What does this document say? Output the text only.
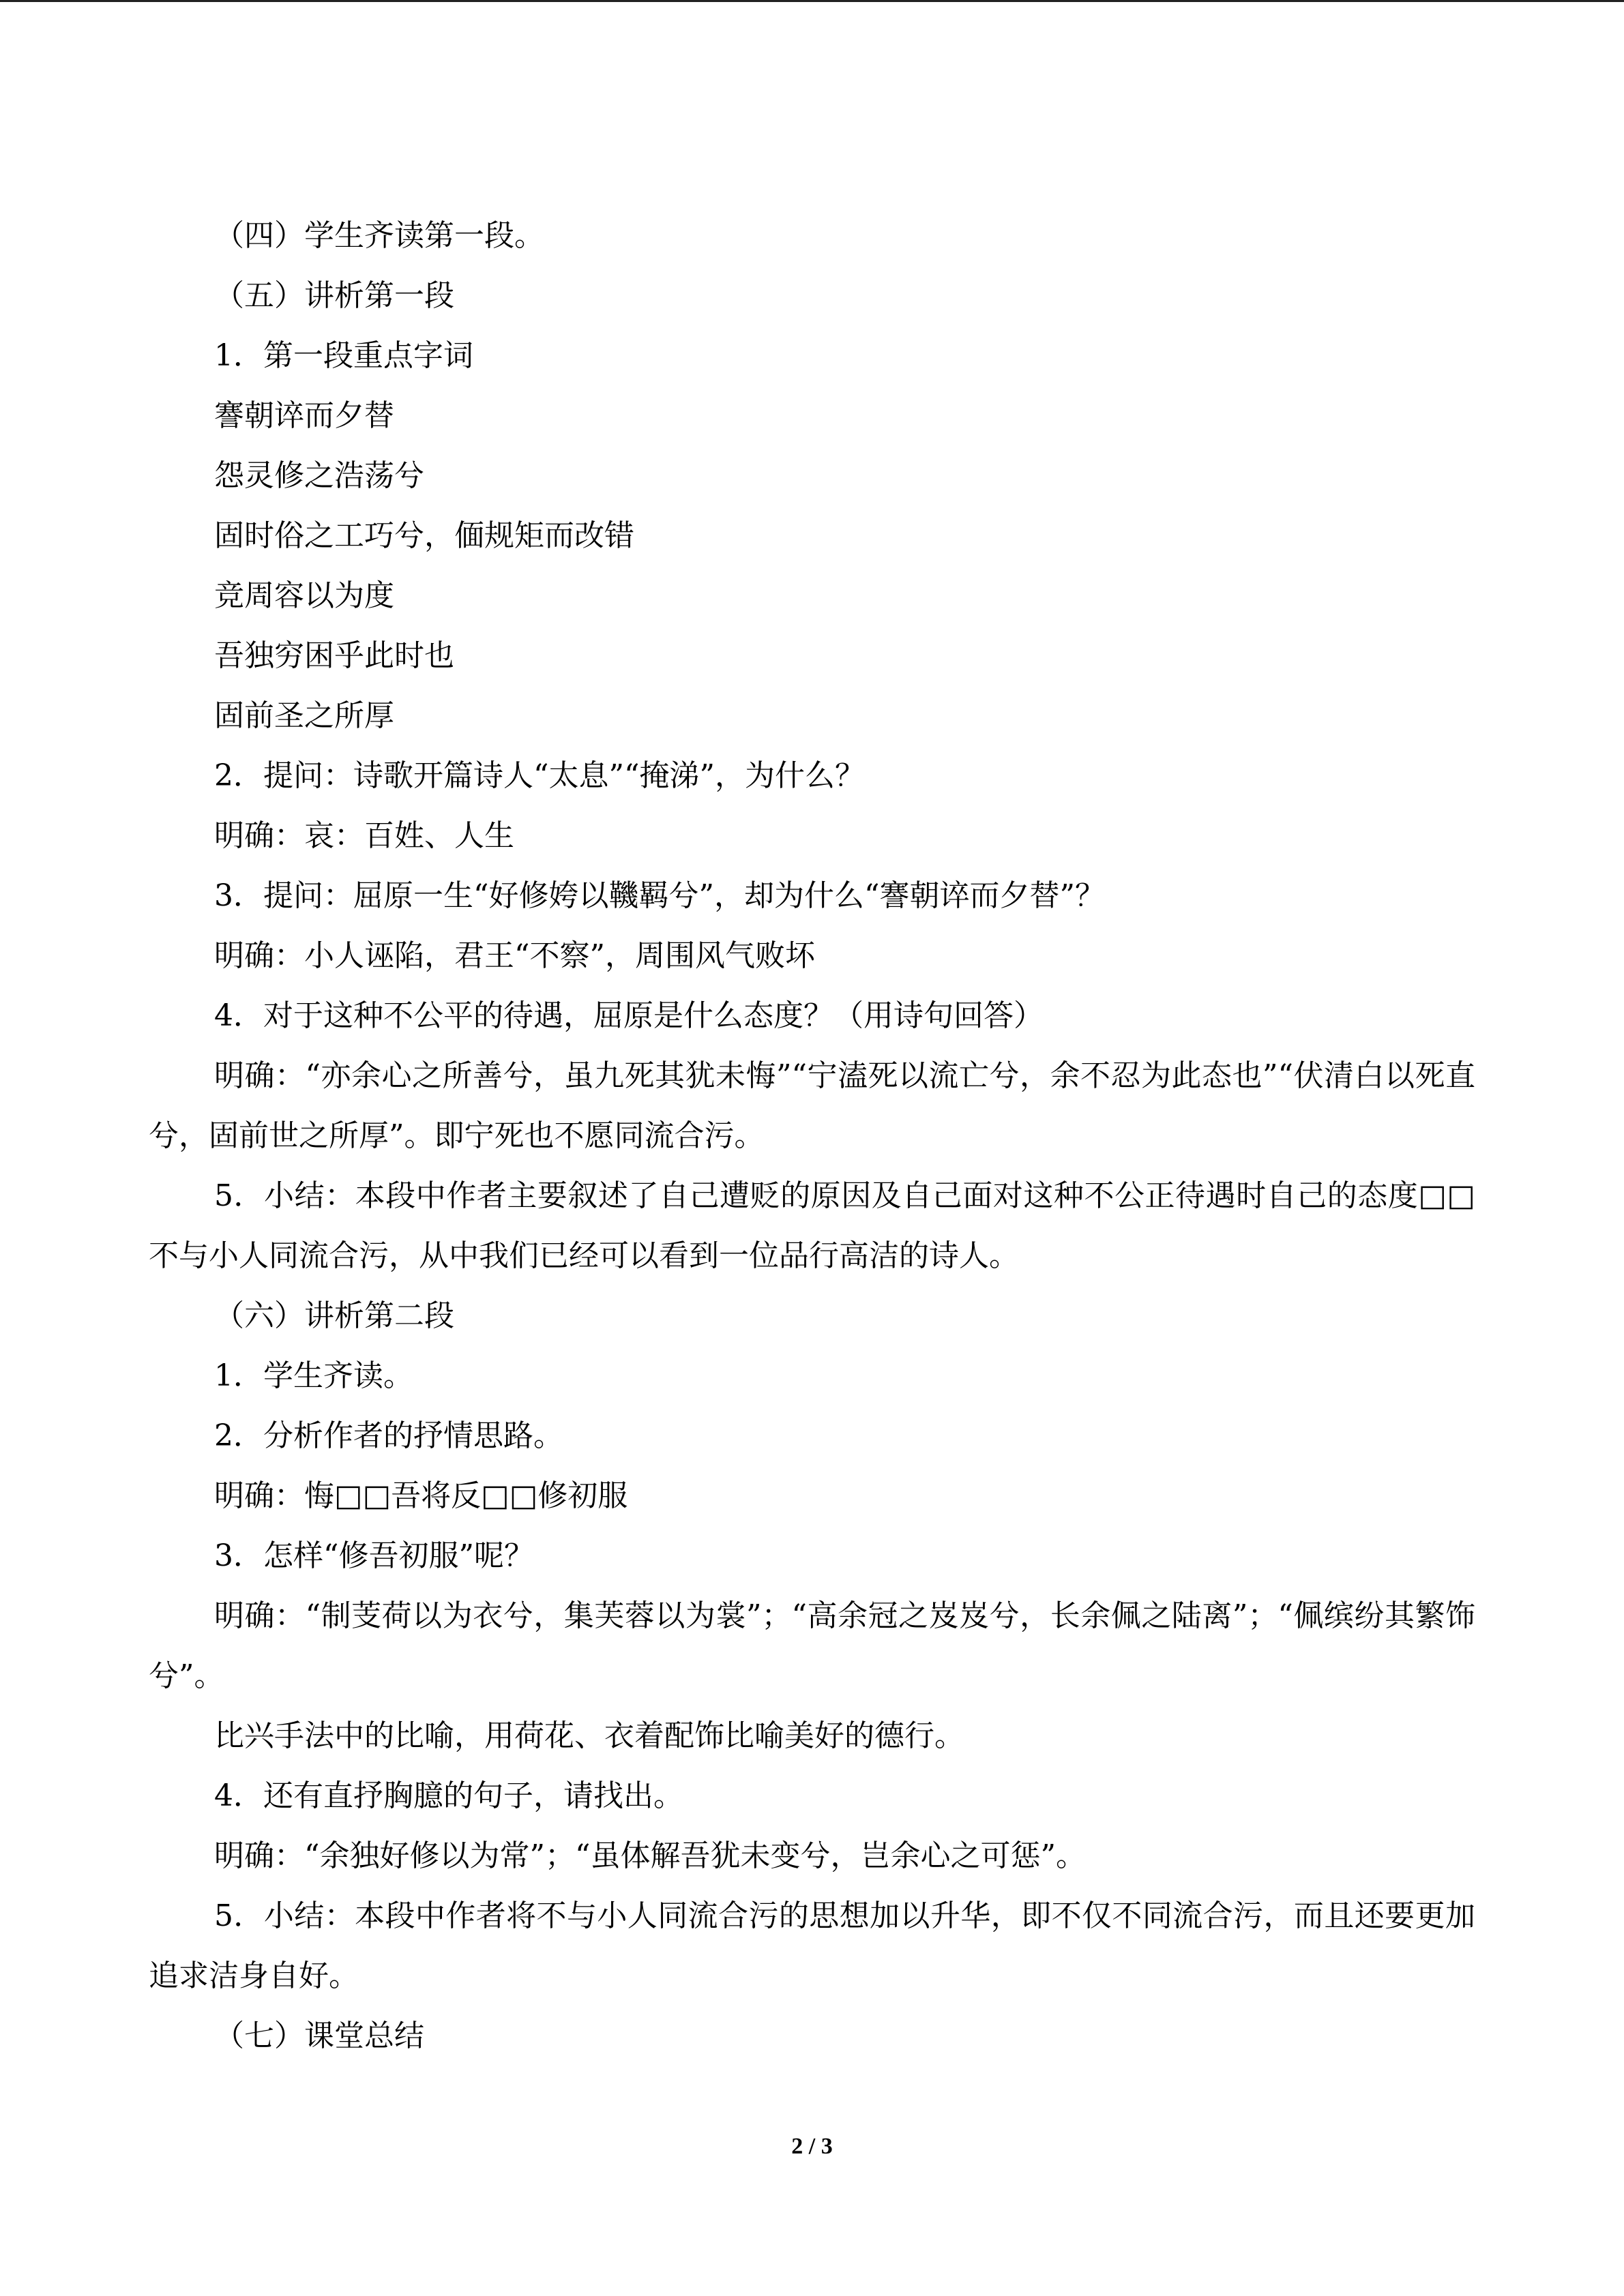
（四）学生齐读第一段。

（五）讲析第一段

1．第一段重点字词

謇朝谇而夕替

怨灵修之浩荡兮

固时俗之工巧兮，偭规矩而改错

竞周容以为度

吾独穷困乎此时也

固前圣之所厚

2．提问：诗歌开篇诗人“太息”“掩涕”，为什么？

明确：哀：百姓、人生

3．提问：屈原一生“好修姱以鞿羁兮”，却为什么“謇朝谇而夕替”？

明确：小人诬陷，君王“不察”，周围风气败坏

4．对于这种不公平的待遇，屈原是什么态度？（用诗句回答）

明确：“亦余心之所善兮，虽九死其犹未悔”“宁溘死以流亡兮，余不忍为此态也”“伏清白以死直兮，固前世之所厚”。即宁死也不愿同流合污。

5．小结：本段中作者主要叙述了自己遭贬的原因及自己面对这种不公正待遇时自己的态度□□不与小人同流合污，从中我们已经可以看到一位品行高洁的诗人。

（六）讲析第二段

1．学生齐读。

2．分析作者的抒情思路。

明确：悔□□吾将反□□修初服

3．怎样“修吾初服”呢？

明确：“制芰荷以为衣兮，集芙蓉以为裳”；“高余冠之岌岌兮，长余佩之陆离”；“佩缤纷其繁饰兮”。

比兴手法中的比喻，用荷花、衣着配饰比喻美好的德行。

4．还有直抒胸臆的句子，请找出。

明确：“余独好修以为常”；“虽体解吾犹未变兮，岂余心之可惩”。

5．小结：本段中作者将不与小人同流合污的思想加以升华，即不仅不同流合污，而且还要更加追求洁身自好。

（七）课堂总结

2 / 3
